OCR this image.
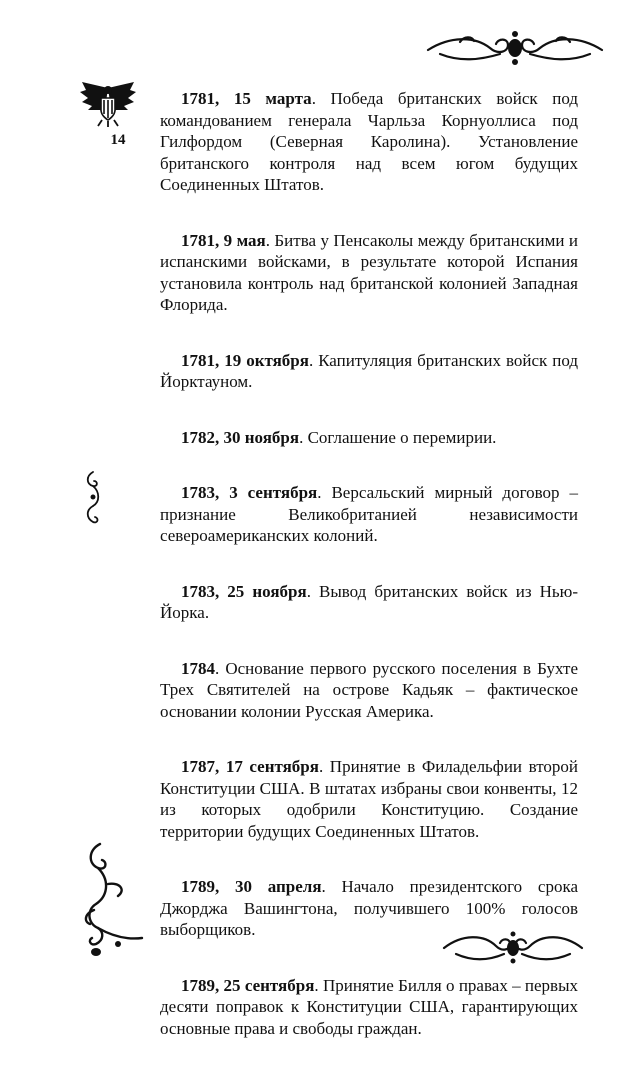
14

1781, 15 марта. Победа британских войск под командованием генерала Чарльза Корнуоллиса под Гилфордом (Северная Каролина). Установление британского контроля над всем югом будущих Соединенных Штатов.

1781, 9 мая. Битва у Пенсаколы между британскими и испанскими войсками, в результате которой Испания установила контроль над британской колонией Западная Флорида.

1781, 19 октября. Капитуляция британских войск под Йорктауном.

1782, 30 ноября. Соглашение о перемирии.

1783, 3 сентября. Версальский мирный договор – признание Великобританией независимости североамериканских колоний.

1783, 25 ноября. Вывод британских войск из Нью-Йорка.

1784. Основание первого русского поселения в Бухте Трех Святителей на острове Кадьяк – фактическое основании колонии Русская Америка.

1787, 17 сентября. Принятие в Филадельфии второй Конституции США. В штатах избраны свои конвенты, 12 из которых одобрили Конституцию. Создание территории будущих Соединенных Штатов.

1789, 30 апреля. Начало президентского срока Джорджа Вашингтона, получившего 100% голосов выборщиков.

1789, 25 сентября. Принятие Билля о правах – первых десяти поправок к Конституции США, гарантирующих основные права и свободы граждан.
